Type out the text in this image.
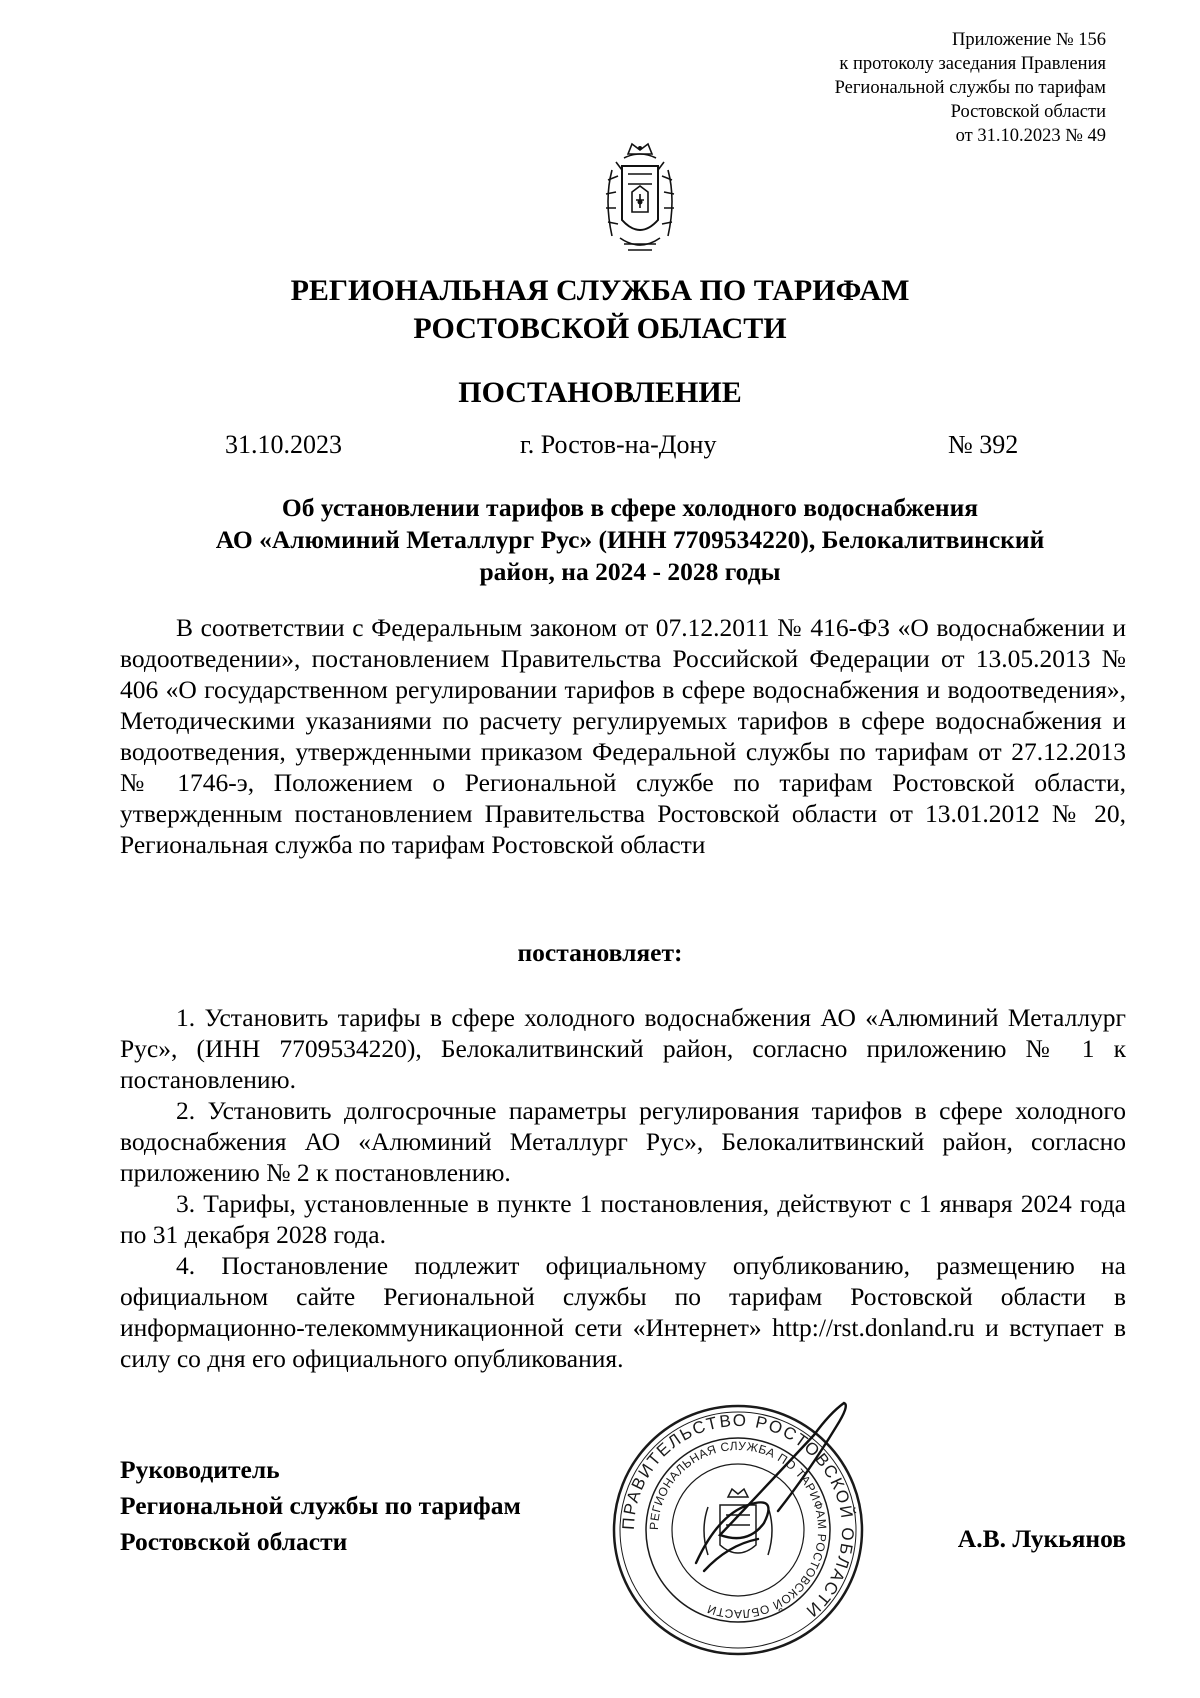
Приложение № 156
к протоколу заседания Правления
Региональной службы по тарифам
Ростовской области
от 31.10.2023 № 49
РЕГИОНАЛЬНАЯ СЛУЖБА ПО ТАРИФАМ
РОСТОВСКОЙ ОБЛАСТИ
ПОСТАНОВЛЕНИЕ
31.10.2023	г. Ростов-на-Дону	№ 392
Об установлении тарифов в сфере холодного водоснабжения
АО «Алюминий Металлург Рус» (ИНН 7709534220), Белокалитвинский
район, на 2024 - 2028 годы
В соответствии с Федеральным законом от 07.12.2011 № 416-ФЗ «О водоснабжении и водоотведении», постановлением Правительства Российской Федерации от 13.05.2013 № 406 «О государственном регулировании тарифов в сфере водоснабжения и водоотведения», Методическими указаниями по расчету регулируемых тарифов в сфере водоснабжения и водоотведения, утвержденными приказом Федеральной службы по тарифам от 27.12.2013 № 1746-э, Положением о Региональной службе по тарифам Ростовской области, утвержденным постановлением Правительства Ростовской области от 13.01.2012 № 20, Региональная служба по тарифам Ростовской области
постановляет:

1. Установить тарифы в сфере холодного водоснабжения АО «Алюминий Металлург Рус», (ИНН 7709534220), Белокалитвинский район, согласно приложению № 1 к постановлению.

2. Установить долгосрочные параметры регулирования тарифов в сфере холодного водоснабжения АО «Алюминий Металлург Рус», Белокалитвинский район, согласно приложению № 2 к постановлению.

3. Тарифы, установленные в пункте 1 постановления, действуют с 1 января 2024 года по 31 декабря 2028 года.

4. Постановление подлежит официальному опубликованию, размещению на официальном сайте Региональной службы по тарифам Ростовской области в информационно-телекоммуникационной сети «Интернет» http://rst.donland.ru и вступает в силу со дня его официального опубликования.

Руководитель
Региональной службы по тарифам
Ростовской области
ПРАВИТЕЛЬСТВО РОСТОВСКОЙ ОБЛАСТИ
РЕГИОНАЛЬНАЯ СЛУЖБА ПО ТАРИФАМ РОСТОВСКОЙ ОБЛАСТИ
А.В. Лукьянов
